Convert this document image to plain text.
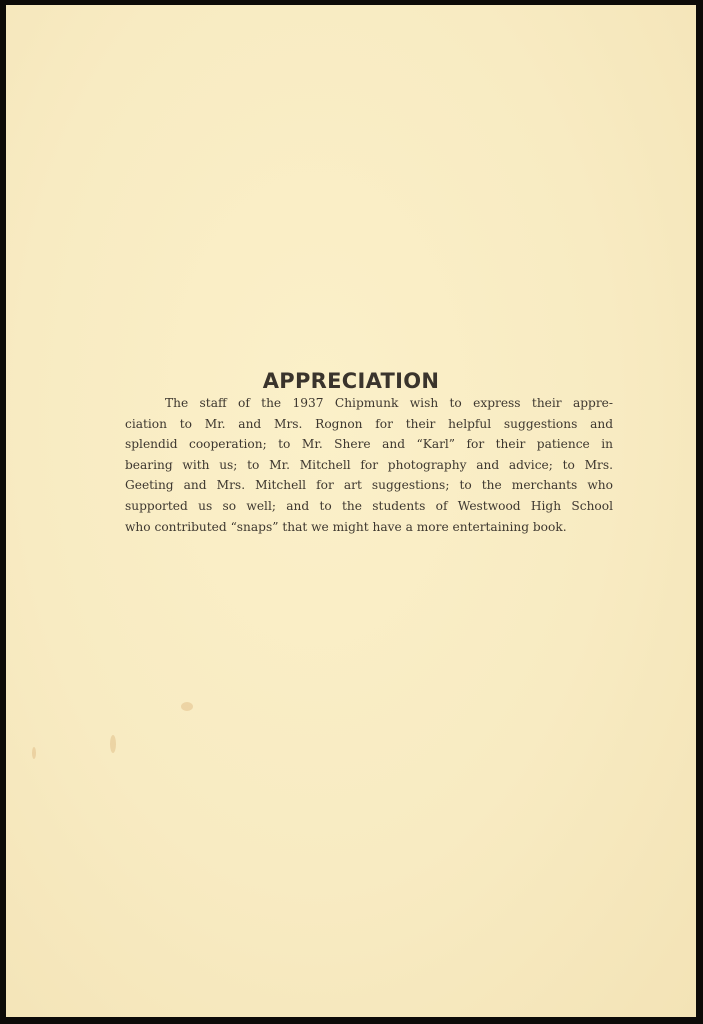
APPRECIATION

The staff of the 1937 Chipmunk wish to express their appre-
ciation to Mr. and Mrs. Rognon for their helpful suggestions and
splendid cooperation; to Mr. Shere and “Karl” for their patience in
bearing with us; to Mr. Mitchell for photography and advice; to Mrs.
Geeting and Mrs. Mitchell for art suggestions; to the merchants who
supported us so well; and to the students of Westwood High School
who contributed “snaps” that we might have a more entertaining book.
